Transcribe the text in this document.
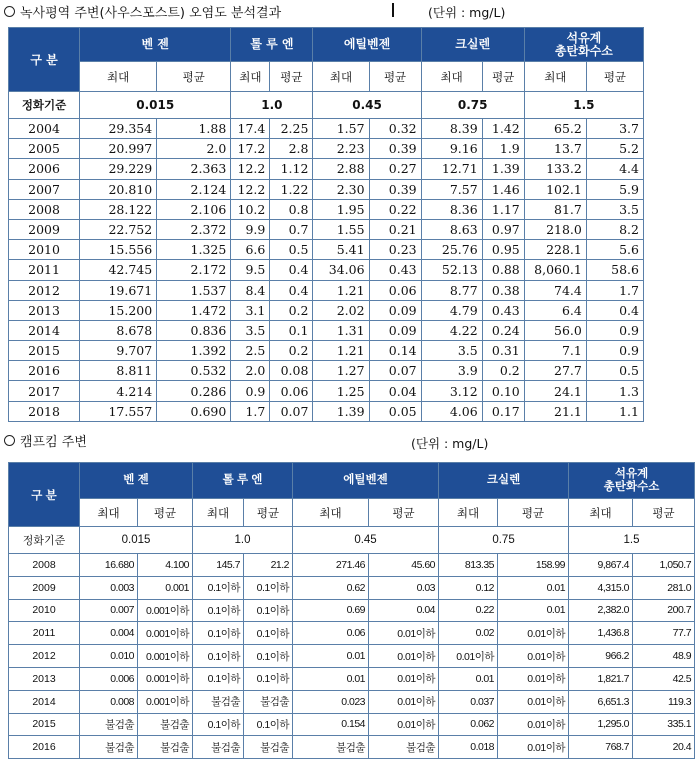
녹사평역 주변(사우스포스트) 오염도 분석결과	(단위 : mg/L)
구 분	벤 젠		톨 루 엔		에틸벤젠		크실렌		석유계
총탄화수소	
	최대	평균	최대	평균	최대	평균	최대	평균	최대	평균
정화기준	0.015		1.0		0.45		0.75		1.5	
2004	29.354	1.88	17.4	2.25	1.57	0.32	8.39	1.42	65.2	3.7
2005	20.997	2.0	17.2	2.8	2.23	0.39	9.16	1.9	13.7	5.2
2006	29.229	2.363	12.2	1.12	2.88	0.27	12.71	1.39	133.2	4.4
2007	20.810	2.124	12.2	1.22	2.30	0.39	7.57	1.46	102.1	5.9
2008	28.122	2.106	10.2	0.8	1.95	0.22	8.36	1.17	81.7	3.5
2009	22.752	2.372	9.9	0.7	1.55	0.21	8.63	0.97	218.0	8.2
2010	15.556	1.325	6.6	0.5	5.41	0.23	25.76	0.95	228.1	5.6
2011	42.745	2.172	9.5	0.4	34.06	0.43	52.13	0.88	8,060.1	58.6
2012	19.671	1.537	8.4	0.4	1.21	0.06	8.77	0.38	74.4	1.7
2013	15.200	1.472	3.1	0.2	2.02	0.09	4.79	0.43	6.4	0.4
2014	8.678	0.836	3.5	0.1	1.31	0.09	4.22	0.24	56.0	0.9
2015	9.707	1.392	2.5	0.2	1.21	0.14	3.5	0.31	7.1	0.9
2016	8.811	0.532	2.0	0.08	1.27	0.07	3.9	0.2	27.7	0.5
2017	4.214	0.286	0.9	0.06	1.25	0.04	3.12	0.10	24.1	1.3
2018	17.557	0.690	1.7	0.07	1.39	0.05	4.06	0.17	21.1	1.1
캠프킴 주변	(단위 : mg/L)
구 분	벤 젠		톨 루 엔		에틸벤젠		크실렌		석유계
총탄화수소	
	최대	평균	최대	평균	최대	평균	최대	평균	최대	평균
정화기준	0.015		1.0		0.45		0.75		1.5	
2008	16.680	4.100	145.7	21.2	271.46	45.60	813.35	158.99	9,867.4	1,050.7
2009	0.003	0.001	0.1이하	0.1이하	0.62	0.03	0.12	0.01	4,315.0	281.0
2010	0.007	0.001이하	0.1이하	0.1이하	0.69	0.04	0.22	0.01	2,382.0	200.7
2011	0.004	0.001이하	0.1이하	0.1이하	0.06	0.01이하	0.02	0.01이하	1,436.8	77.7
2012	0.010	0.001이하	0.1이하	0.1이하	0.01	0.01이하	0.01이하	0.01이하	966.2	48.9
2013	0.006	0.001이하	0.1이하	0.1이하	0.01	0.01이하	0.01	0.01이하	1,821.7	42.5
2014	0.008	0.001이하	불검출	불검출	0.023	0.01이하	0.037	0.01이하	6,651.3	119.3
2015	불검출	불검출	0.1이하	0.1이하	0.154	0.01이하	0.062	0.01이하	1,295.0	335.1
2016	불검출	불검출	불검출	불검출	불검출	불검출	0.018	0.01이하	768.7	20.4
